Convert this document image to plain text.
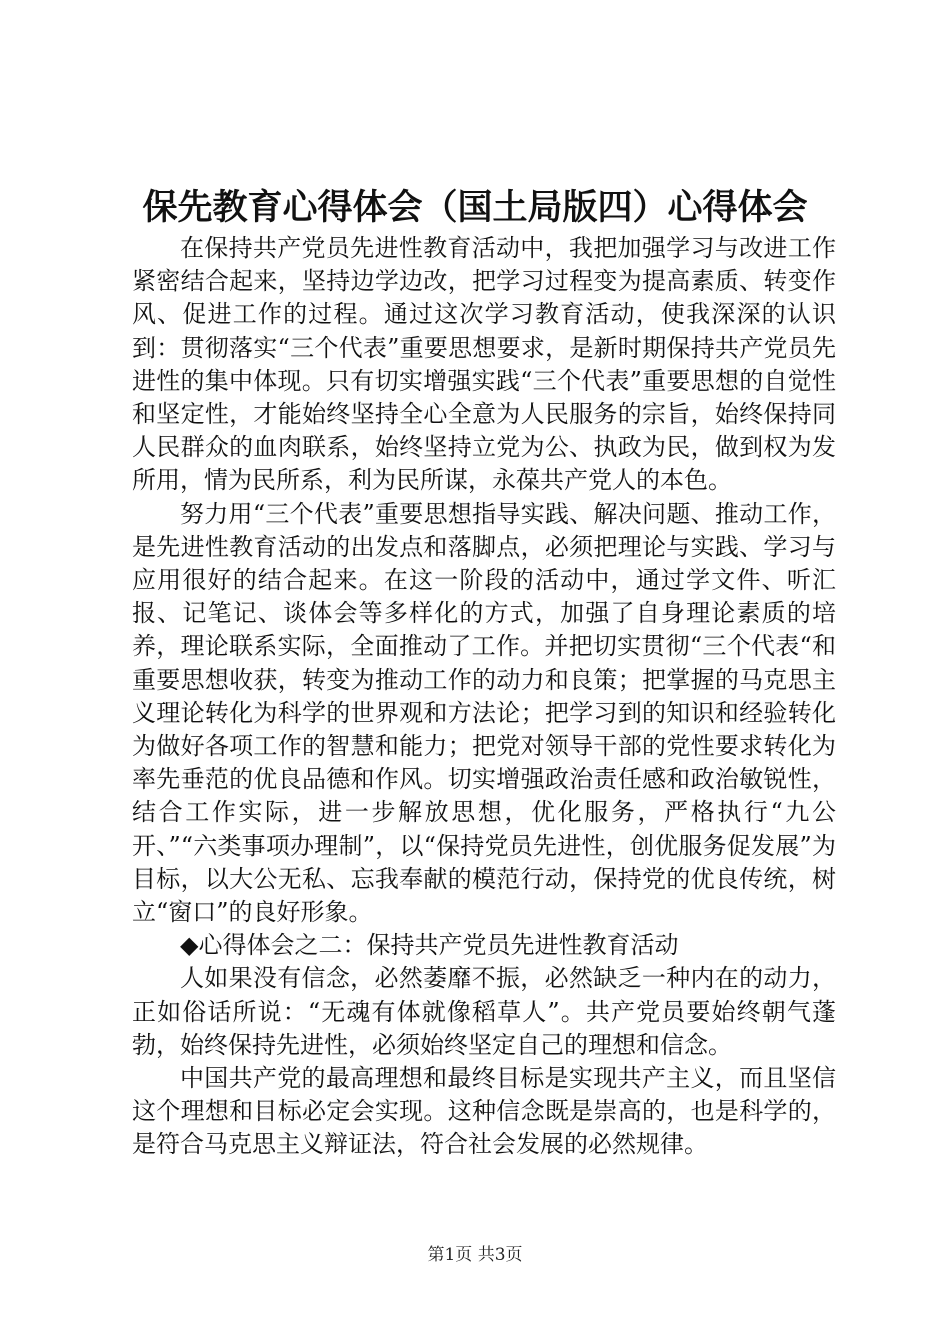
保先教育心得体会（国土局版四）心得体会

在保持共产党员先进性教育活动中，我把加强学习与改进工作紧密结合起来，坚持边学边改，把学习过程变为提高素质、转变作风、促进工作的过程。通过这次学习教育活动，使我深深的认识到：贯彻落实“三个代表”重要思想要求，是新时期保持共产党员先进性的集中体现。只有切实增强实践“三个代表”重要思想的自觉性和坚定性，才能始终坚持全心全意为人民服务的宗旨，始终保持同人民群众的血肉联系，始终坚持立党为公、执政为民，做到权为发所用，情为民所系，利为民所谋，永葆共产党人的本色。

努力用“三个代表”重要思想指导实践、解决问题、推动工作，是先进性教育活动的出发点和落脚点，必须把理论与实践、学习与应用很好的结合起来。在这一阶段的活动中，通过学文件、听汇报、记笔记、谈体会等多样化的方式，加强了自身理论素质的培养，理论联系实际，全面推动了工作。并把切实贯彻“三个代表“和重要思想收获，转变为推动工作的动力和良策；把掌握的马克思主义理论转化为科学的世界观和方法论；把学习到的知识和经验转化为做好各项工作的智慧和能力；把党对领导干部的党性要求转化为率先垂范的优良品德和作风。切实增强政治责任感和政治敏锐性，结合工作实际，进一步解放思想，优化服务，严格执行“九公开、”“六类事项办理制”，以“保持党员先进性，创优服务促发展”为目标，以大公无私、忘我奉献的模范行动，保持党的优良传统，树立“窗口”的良好形象。

◆心得体会之二：保持共产党员先进性教育活动

人如果没有信念，必然萎靡不振，必然缺乏一种内在的动力，正如俗话所说：“无魂有体就像稻草人”。共产党员要始终朝气蓬勃，始终保持先进性，必须始终坚定自己的理想和信念。

中国共产党的最高理想和最终目标是实现共产主义，而且坚信这个理想和目标必定会实现。这种信念既是崇高的，也是科学的，是符合马克思主义辩证法，符合社会发展的必然规律。

第1页 共3页
